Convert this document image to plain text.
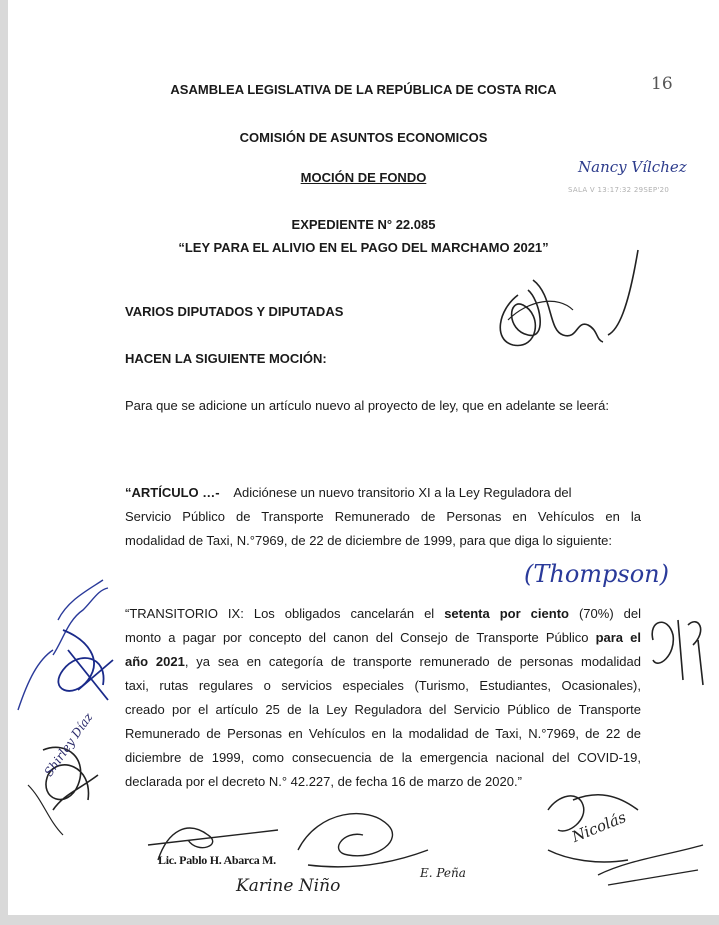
ASAMBLEA LEGISLATIVA DE LA REPÚBLICA DE COSTA RICA	16
COMISIÓN DE ASUNTOS ECONOMICOS
MOCIÓN DE FONDO
Nancy Vílchez
SALA V 13:17:32 29SEP'20
EXPEDIENTE N° 22.085
“LEY PARA EL ALIVIO EN EL PAGO DEL MARCHAMO 2021”
VARIOS DIPUTADOS Y DIPUTADAS
HACEN LA SIGUIENTE MOCIÓN:
Para que se adicione un artículo nuevo al proyecto de ley, que en adelante se leerá:
“ARTÍCULO …-    Adiciónese un nuevo transitorio XI a la Ley Reguladora del
Servicio Público de Transporte Remunerado de Personas en Vehículos en la
modalidad de Taxi, N.°7969, de 22 de diciembre de 1999, para que diga lo siguiente:
(Thompson)
“TRANSITORIO IX: Los obligados cancelarán el setenta por ciento (70%) del
monto a pagar por concepto del canon del Consejo de Transporte Público para el
año 2021, ya sea en categoría de transporte remunerado de personas modalidad
taxi, rutas regulares o servicios especiales (Turismo, Estudiantes, Ocasionales),
creado por el artículo 25 de la Ley Reguladora del Servicio Público de Transporte
Remunerado de Personas en Vehículos en la modalidad de Taxi, N.°7969, de 22 de
diciembre de 1999, como consecuencia de la emergencia nacional del COVID-19,
declarada por el decreto N.° 42.227, de fecha 16 de marzo de 2020.”
Shirley Díaz
Lic. Pablo H. Abarca M.
Karine Niño
E. Peña
Nicolás
